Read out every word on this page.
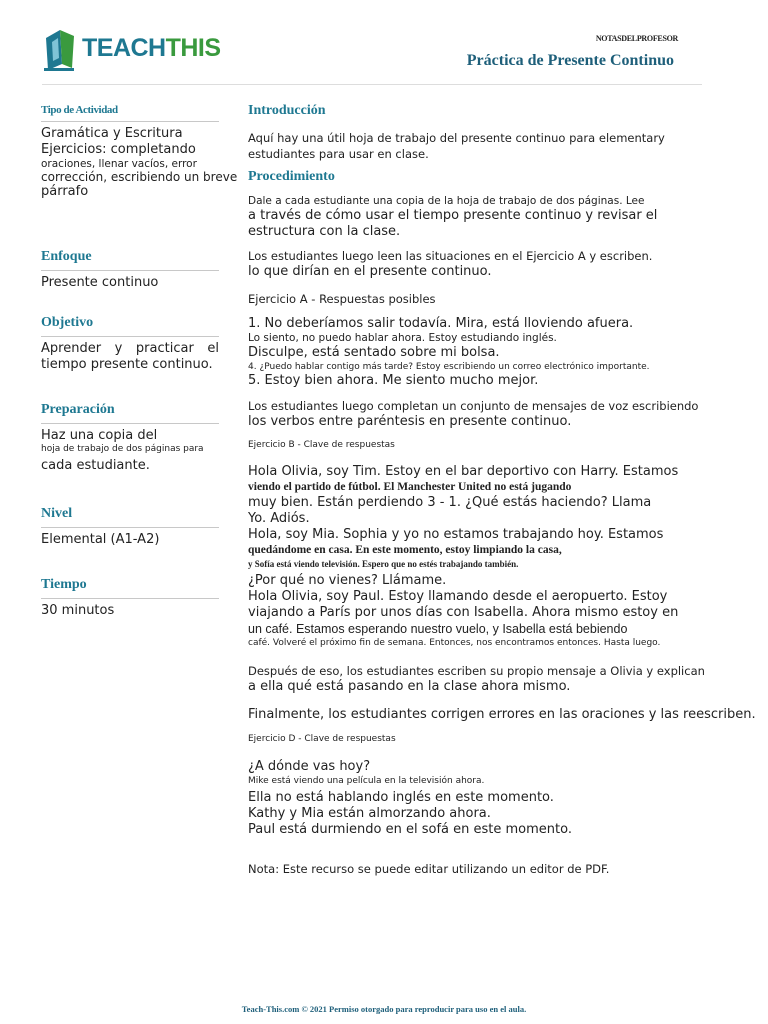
TEACHTHIS	NOTASDELPROFESOR
Práctica de Presente Continuo
Tipo de Actividad
Gramática y Escritura
Ejercicios: completando
oraciones, llenar vacíos, error
corrección, escribiendo un breve
párrafo
Enfoque
Presente continuo
Objetivo
Aprender y practicar el
tiempo presente continuo.
Preparación
Haz una copia del
hoja de trabajo de dos páginas para
cada estudiante.
Nivel
Elemental (A1-A2)
Tiempo
30 minutos

Introducción

Aquí hay una útil hoja de trabajo del presente continuo para elementary

estudiantes para usar en clase.

Procedimiento

Dale a cada estudiante una copia de la hoja de trabajo de dos páginas. Lee

a través de cómo usar el tiempo presente continuo y revisar el

estructura con la clase.

Los estudiantes luego leen las situaciones en el Ejercicio A y escriben.

lo que dirían en el presente continuo.

Ejercicio A - Respuestas posibles

1. No deberíamos salir todavía. Mira, está lloviendo afuera.

Lo siento, no puedo hablar ahora. Estoy estudiando inglés.

Disculpe, está sentado sobre mi bolsa.

4. ¿Puedo hablar contigo más tarde? Estoy escribiendo un correo electrónico importante.

5. Estoy bien ahora. Me siento mucho mejor.

Los estudiantes luego completan un conjunto de mensajes de voz escribiendo

los verbos entre paréntesis en presente continuo.

Ejercicio B - Clave de respuestas

Hola Olivia, soy Tim. Estoy en el bar deportivo con Harry. Estamos

viendo el partido de fútbol. El Manchester United no está jugando

muy bien. Están perdiendo 3 - 1. ¿Qué estás haciendo? Llama

Yo. Adiós.

Hola, soy Mia. Sophia y yo no estamos trabajando hoy. Estamos

quedándome en casa. En este momento, estoy limpiando la casa,

y Sofía está viendo televisión. Espero que no estés trabajando también.

¿Por qué no vienes? Llámame.

Hola Olivia, soy Paul. Estoy llamando desde el aeropuerto. Estoy

viajando a París por unos días con Isabella. Ahora mismo estoy en

un café. Estamos esperando nuestro vuelo, y Isabella está bebiendo

café. Volveré el próximo fin de semana. Entonces, nos encontramos entonces. Hasta luego.

Después de eso, los estudiantes escriben su propio mensaje a Olivia y explican

a ella qué está pasando en la clase ahora mismo.

Finalmente, los estudiantes corrigen errores en las oraciones y las reescriben.

Ejercicio D - Clave de respuestas

¿A dónde vas hoy?

Mike está viendo una película en la televisión ahora.

Ella no está hablando inglés en este momento.

Kathy y Mia están almorzando ahora.

Paul está durmiendo en el sofá en este momento.

Nota: Este recurso se puede editar utilizando un editor de PDF.

Teach-This.com © 2021 Permiso otorgado para reproducir para uso en el aula.
